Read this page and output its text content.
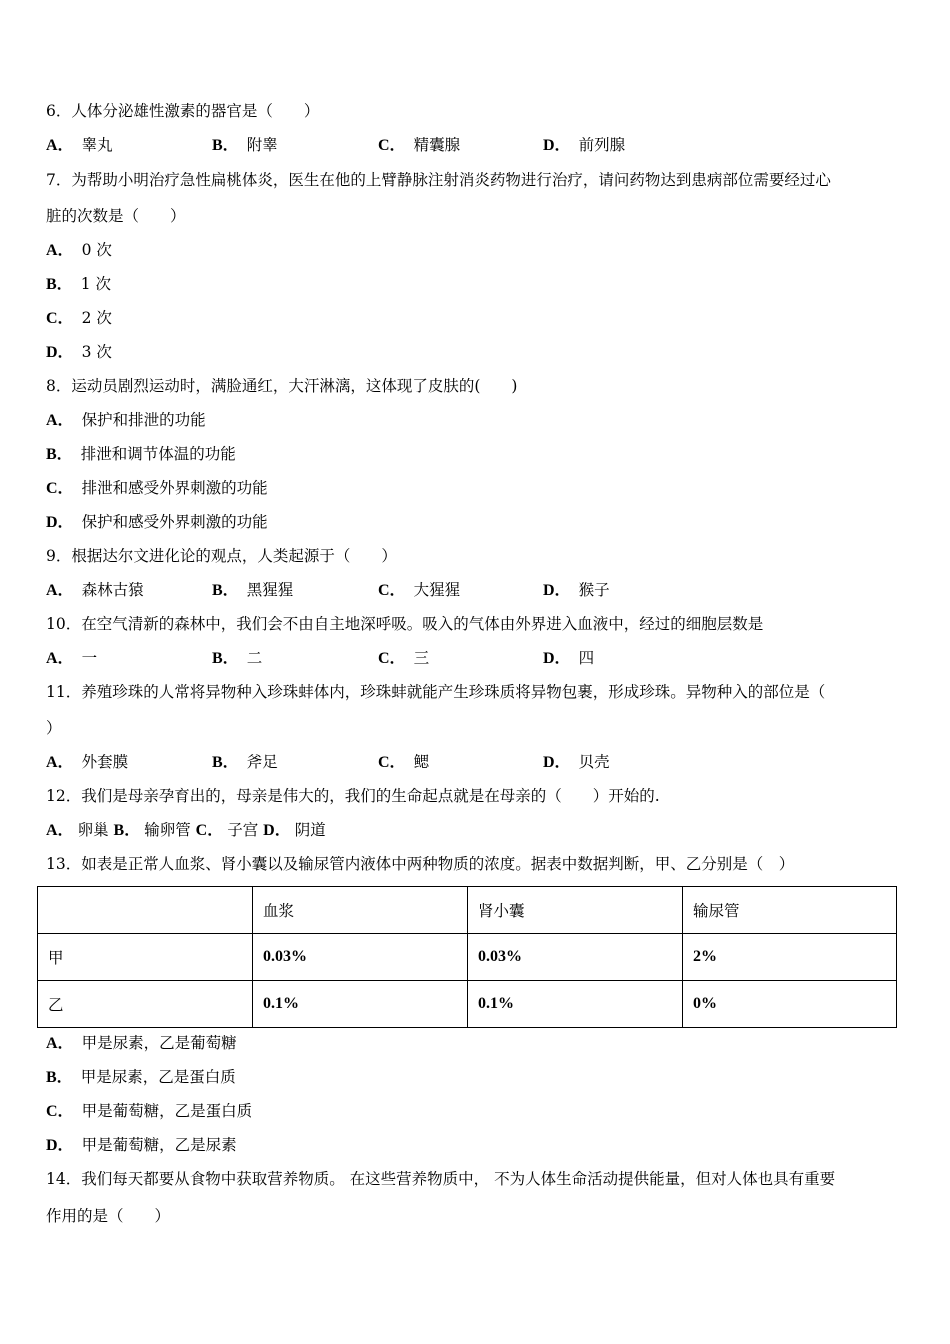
6．人体分泌雄性激素的器官是（　　）
A． 睾丸	B． 附睾	C． 精囊腺	D． 前列腺
7．为帮助小明治疗急性扁桃体炎，医生在他的上臂静脉注射消炎药物进行治疗，请问药物达到患病部位需要经过心
脏的次数是（　　）
A． 0 次
B． 1 次
C． 2 次
D． 3 次
8．运动员剧烈运动时，满脸通红，大汗淋漓，这体现了皮肤的(　　)
A． 保护和排泄的功能
B． 排泄和调节体温的功能
C． 排泄和感受外界刺激的功能
D． 保护和感受外界刺激的功能
9．根据达尔文进化论的观点，人类起源于（　　）
A． 森林古猿	B． 黑猩猩	C． 大猩猩	D． 猴子
10．在空气清新的森林中，我们会不由自主地深呼吸。吸入的气体由外界进入血液中，经过的细胞层数是
A． 一	B． 二	C． 三	D． 四
11．养殖珍珠的人常将异物种入珍珠蚌体内，珍珠蚌就能产生珍珠质将异物包裹，形成珍珠。异物种入的部位是（
）
A． 外套膜	B． 斧足	C． 鳃	D． 贝壳
12．我们是母亲孕育出的，母亲是伟大的，我们的生命起点就是在母亲的（　　）开始的.
A． 卵巢 B． 输卵管 C． 子宫 D． 阴道
13．如表是正常人血浆、肾小囊以及输尿管内液体中两种物质的浓度。据表中数据判断，甲、乙分别是（　）
	血浆	肾小囊	输尿管
甲	0.03%	0.03%	2%
乙	0.1%	0.1%	0%
A． 甲是尿素，乙是葡萄糖
B． 甲是尿素，乙是蛋白质
C． 甲是葡萄糖，乙是蛋白质
D． 甲是葡萄糖，乙是尿素
14．我们每天都要从食物中获取营养物质。 在这些营养物质中， 不为人体生命活动提供能量，但对人体也具有重要
作用的是（　　）
